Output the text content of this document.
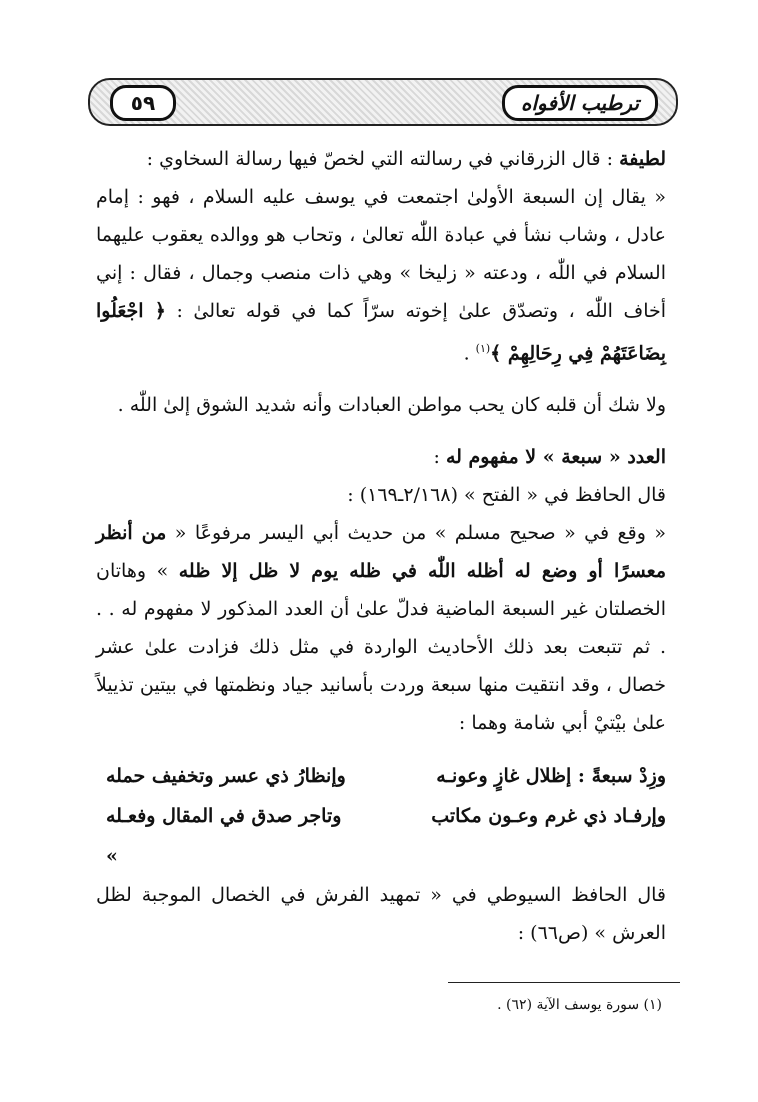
ترطيب الأفواه
٥٩

لطيفة : قال الزرقاني في رسالته التي لخصّ فيها رسالة السخاوي :

« يقال إن السبعة الأولىٰ اجتمعت في يوسف عليه السلام ، فهو : إمام عادل ، وشاب نشأ في عبادة اللّٰه تعالىٰ ، وتحاب هو ووالده يعقوب عليهما السلام في اللّٰه ، ودعته « زليخا » وهي ذات منصب وجمال ، فقال : إني أخاف اللّٰه ، وتصدّق علىٰ إخوته سرّاً كما في قوله تعالىٰ : ﴿ اجْعَلُوا بِضَاعَتَهُمْ فِي رِحَالِهِمْ ﴾$^{(١)}$ .

ولا شك أن قلبه كان يحب مواطن العبادات وأنه شديد الشوق إلىٰ اللّٰه .

العدد « سبعة » لا مفهوم له :

قال الحافظ في « الفتح » (٢/١٦٨ـ١٦٩) :

« وقع في « صحيح مسلم » من حديث أبي اليسر مرفوعًا « من أنظر معسرًا أو وضع له أظله اللّٰه في ظله يوم لا ظل إلا ظله » وهاتان الخصلتان غير السبعة الماضية فدلّ علىٰ أن العدد المذكور لا مفهوم له . . . ثم تتبعت بعد ذلك الأحاديث الواردة في مثل ذلك فزادت علىٰ عشر خصال ، وقد انتقيت منها سبعة وردت بأسانيد جياد ونظمتها في بيتين تذييلاً علىٰ بيْتيْ أبي شامة وهما :

وزِدْ سبعةً : إظلال غازٍ وعونـه
وإنظارُ ذي عسر وتخفيف حمله
وإرفـاد ذي غرم وعـون مكاتب
وتاجر صدق في المقال وفعـله »

قال الحافظ السيوطي في « تمهيد الفرش في الخصال الموجبة لظل العرش » (ص٦٦) :

(١) سورة يوسف الآية (٦٢) .
